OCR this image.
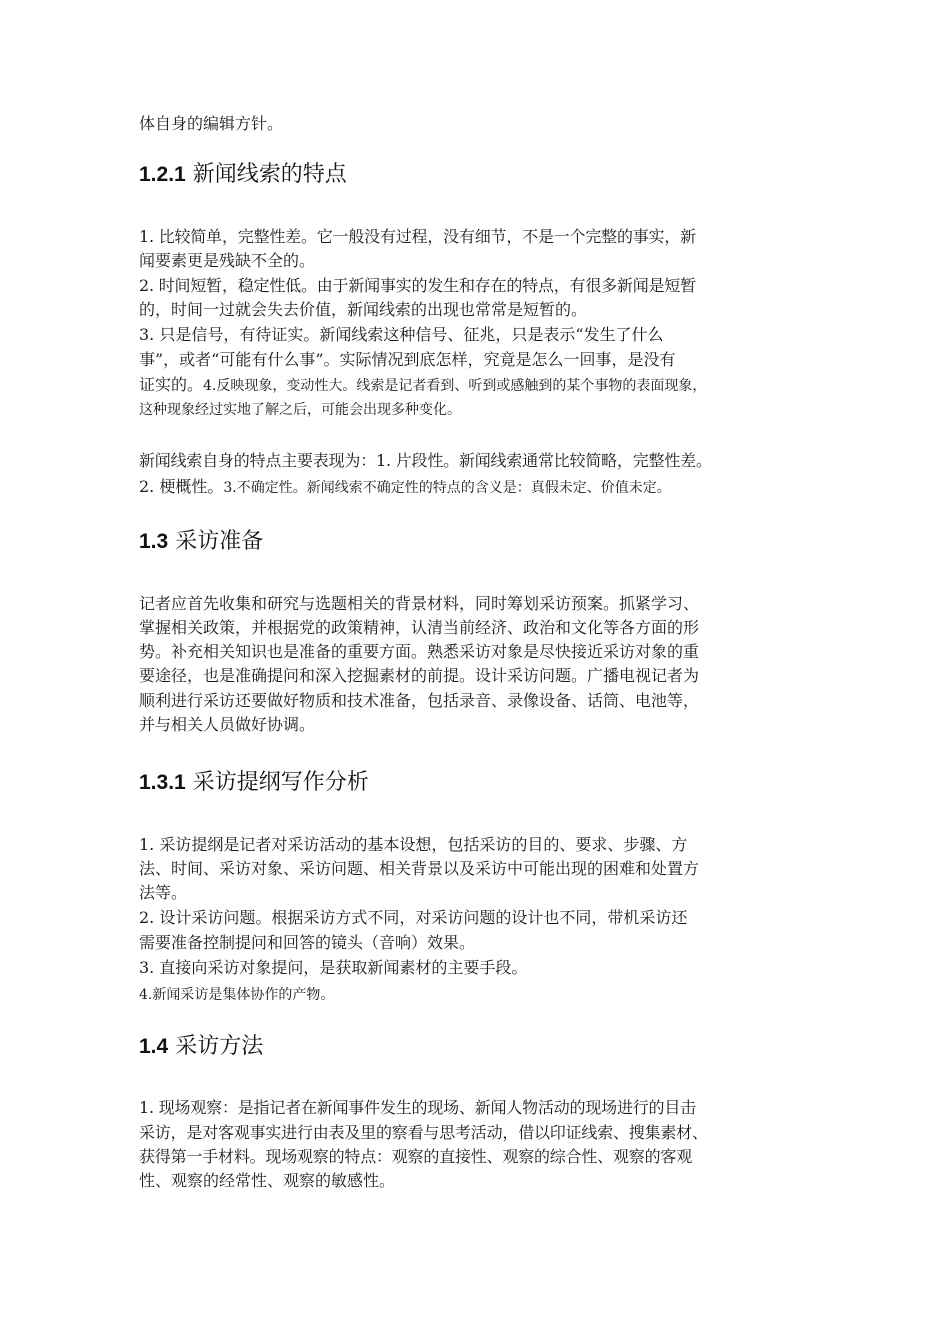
体自身的编辑方针。
1.2.1 新闻线索的特点
1. 比较简单，完整性差。它一般没有过程，没有细节，不是一个完整的事实，新
闻要素更是残缺不全的。
2. 时间短暂，稳定性低。由于新闻事实的发生和存在的特点，有很多新闻是短暂
的，时间一过就会失去价值，新闻线索的出现也常常是短暂的。
3. 只是信号，有待证实。新闻线索这种信号、征兆，只是表示“发生了什么
事”，或者“可能有什么事”。实际情况到底怎样，究竟是怎么一回事，是没有
证实的。4.反映现象，变动性大。线索是记者看到、听到或感触到的某个事物的表面现象，
这种现象经过实地了解之后，可能会出现多种变化。
新闻线索自身的特点主要表现为：1. 片段性。新闻线索通常比较简略，完整性差。
2. 梗概性。3.不确定性。新闻线索不确定性的特点的含义是：真假未定、价值未定。
1.3 采访准备
记者应首先收集和研究与选题相关的背景材料，同时筹划采访预案。抓紧学习、
掌握相关政策，并根据党的政策精神，认清当前经济、政治和文化等各方面的形
势。补充相关知识也是准备的重要方面。熟悉采访对象是尽快接近采访对象的重
要途径，也是准确提问和深入挖掘素材的前提。设计采访问题。广播电视记者为
顺利进行采访还要做好物质和技术准备，包括录音、录像设备、话筒、电池等，
并与相关人员做好协调。
1.3.1 采访提纲写作分析
1. 采访提纲是记者对采访活动的基本设想，包括采访的目的、要求、步骤、方
法、时间、采访对象、采访问题、相关背景以及采访中可能出现的困难和处置方
法等。
2. 设计采访问题。根据采访方式不同，对采访问题的设计也不同，带机采访还
需要准备控制提问和回答的镜头（音响）效果。
3. 直接向采访对象提问，是获取新闻素材的主要手段。
4.新闻采访是集体协作的产物。
1.4 采访方法
1. 现场观察：是指记者在新闻事件发生的现场、新闻人物活动的现场进行的目击
采访，是对客观事实进行由表及里的察看与思考活动，借以印证线索、搜集素材、
获得第一手材料。现场观察的特点：观察的直接性、观察的综合性、观察的客观
性、观察的经常性、观察的敏感性。
